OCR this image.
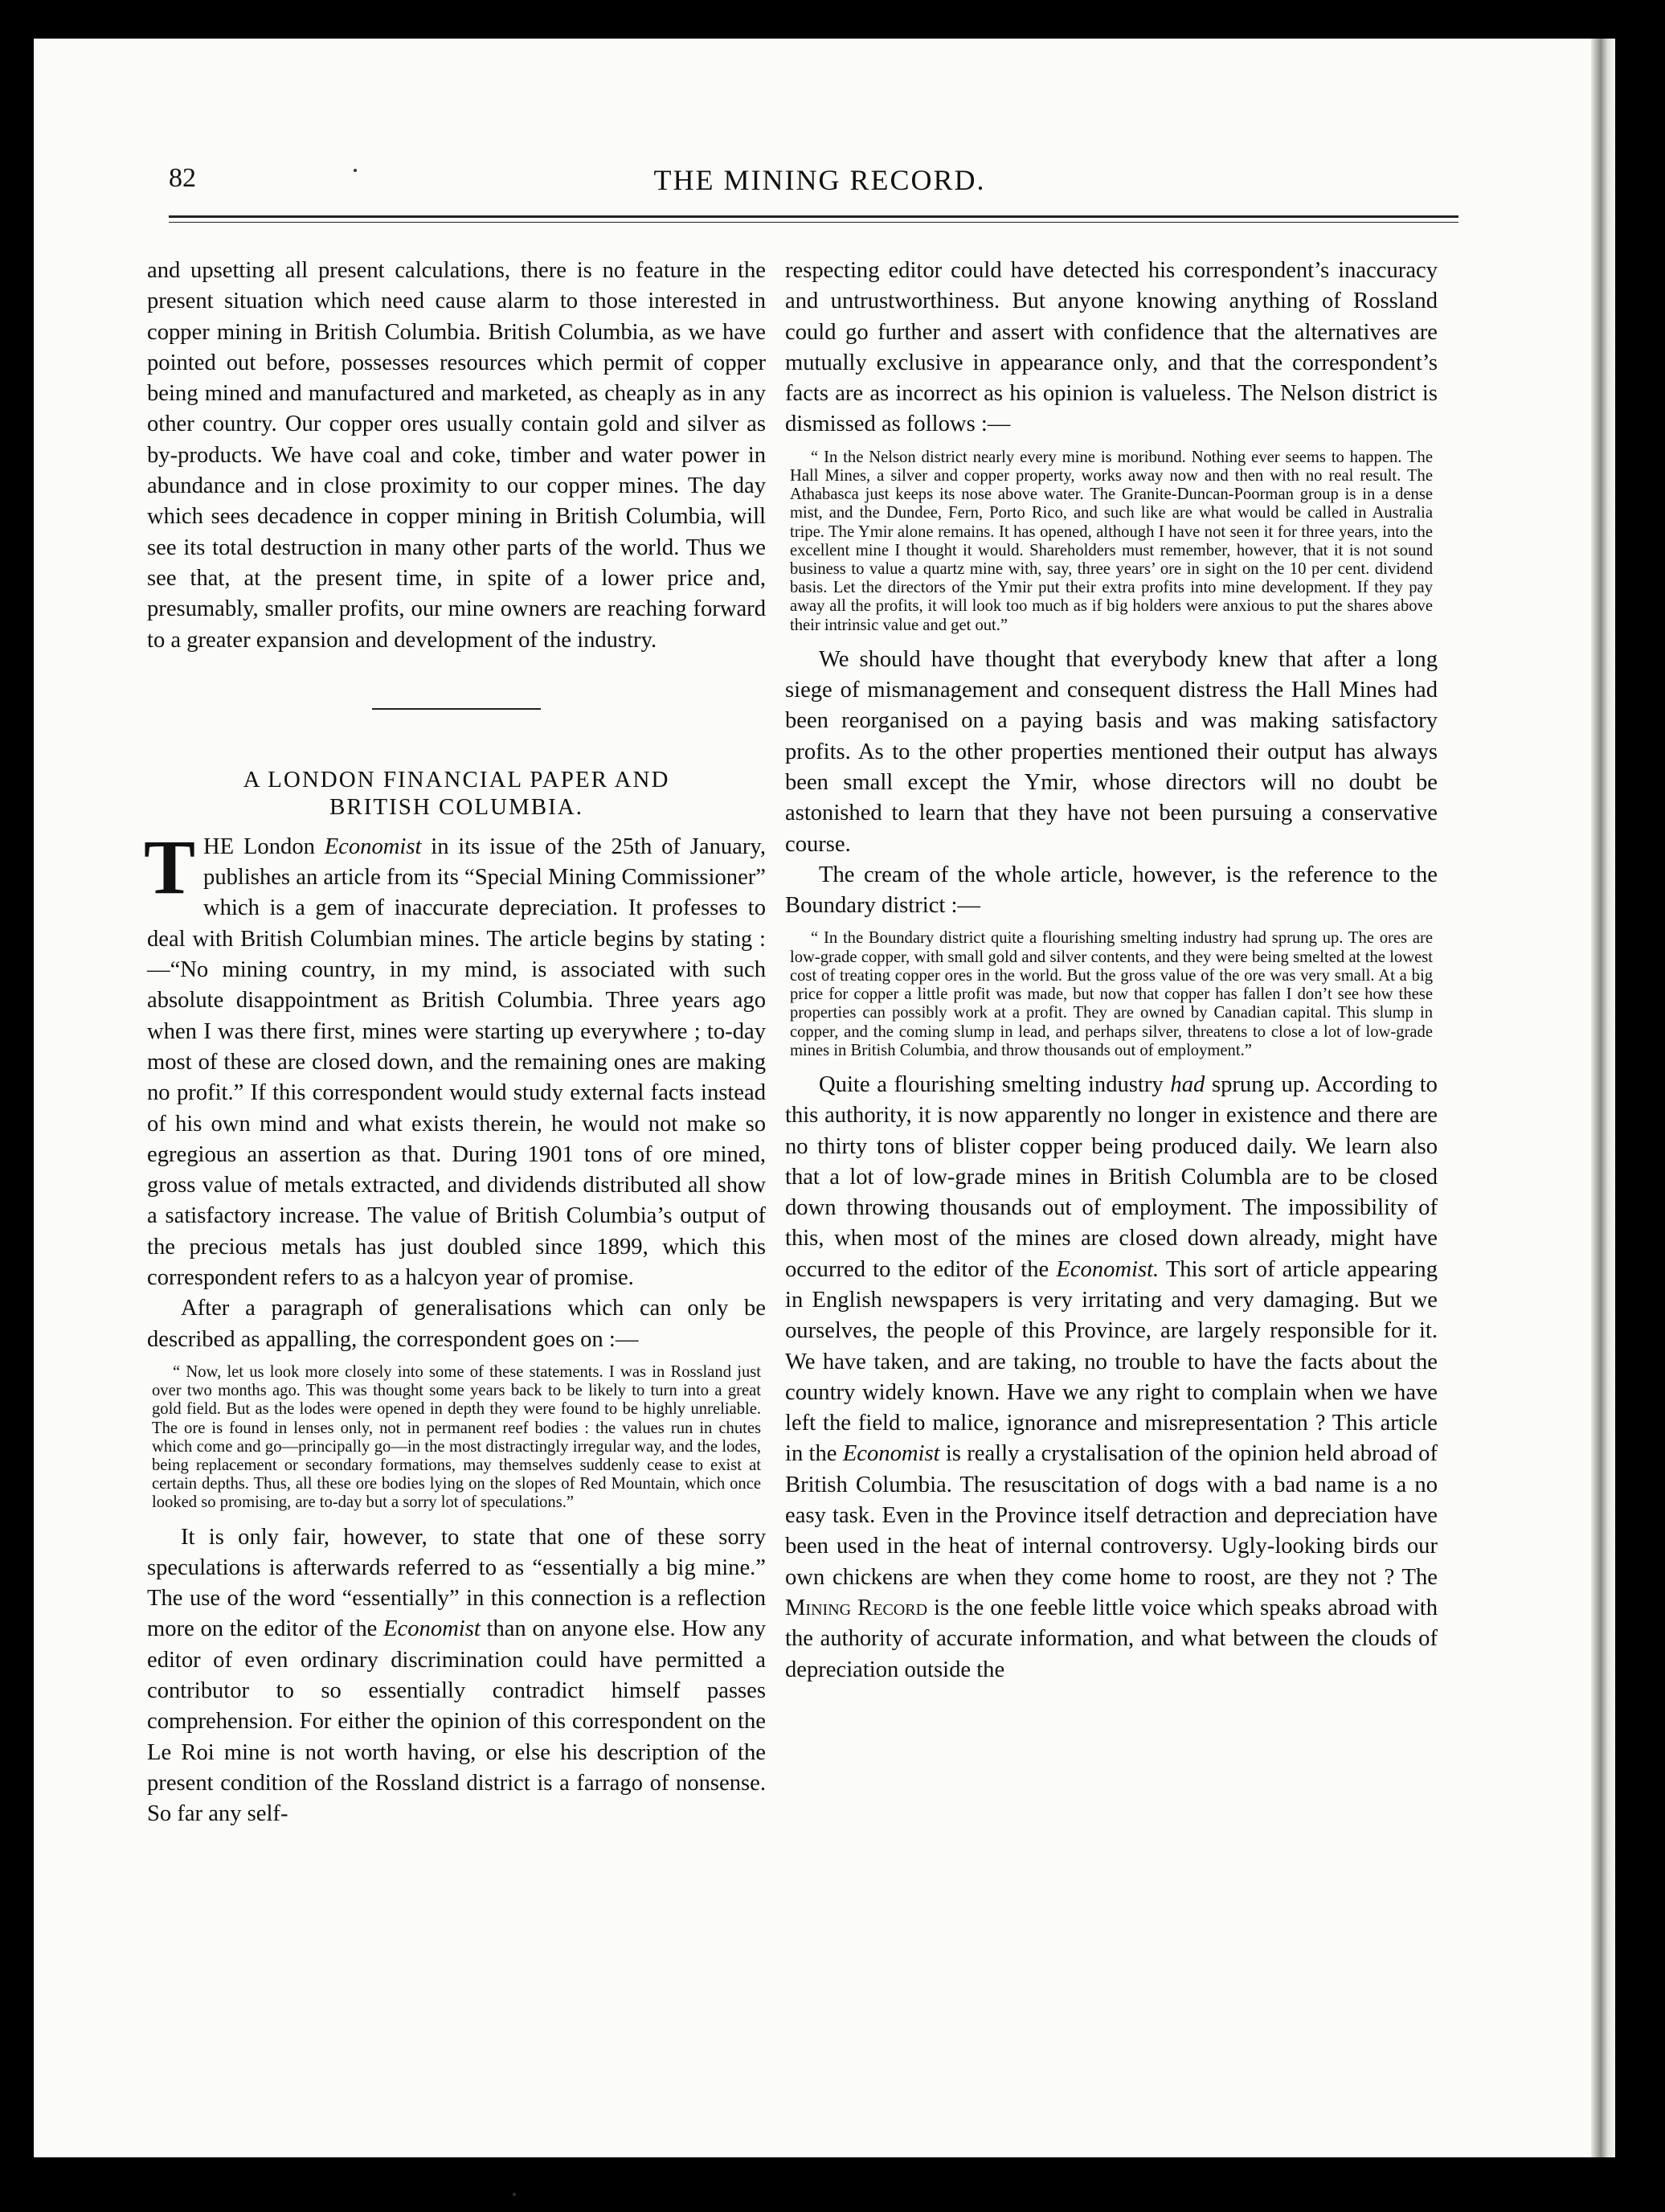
82	THE MINING RECORD.

and upsetting all present calculations, there is no feature in the present situation which need cause alarm to those interested in copper mining in British Columbia. British Columbia, as we have pointed out before, possesses resources which permit of copper being mined and manufactured and marketed, as cheaply as in any other country. Our copper ores usually contain gold and silver as by-products. We have coal and coke, timber and water power in abundance and in close proximity to our copper mines. The day which sees decadence in copper mining in British Columbia, will see its total destruction in many other parts of the world. Thus we see that, at the present time, in spite of a lower price and, presumably, smaller profits, our mine owners are reaching forward to a greater expansion and development of the industry.

A LONDON FINANCIAL PAPER AND
BRITISH COLUMBIA.

THE London Economist in its issue of the 25th of January, publishes an article from its “Special Mining Commissioner” which is a gem of inaccurate depreciation. It professes to deal with British Columbian mines. The article begins by stating :—“No mining country, in my mind, is associated with such absolute disappointment as British Columbia. Three years ago when I was there first, mines were starting up everywhere ; to-day most of these are closed down, and the remaining ones are making no profit.” If this correspondent would study external facts instead of his own mind and what exists therein, he would not make so egregious an assertion as that. During 1901 tons of ore mined, gross value of metals extracted, and dividends distributed all show a satisfactory increase. The value of British Columbia’s output of the precious metals has just doubled since 1899, which this correspondent refers to as a halcyon year of promise.

After a paragraph of generalisations which can only be described as appalling, the correspondent goes on :—

“ Now, let us look more closely into some of these statements. I was in Rossland just over two months ago. This was thought some years back to be likely to turn into a great gold field. But as the lodes were opened in depth they were found to be highly unreliable. The ore is found in lenses only, not in permanent reef bodies : the values run in chutes which come and go—principally go—in the most distractingly irregular way, and the lodes, being replacement or secondary formations, may themselves suddenly cease to exist at certain depths. Thus, all these ore bodies lying on the slopes of Red Mountain, which once looked so promising, are to-day but a sorry lot of speculations.”

It is only fair, however, to state that one of these sorry speculations is afterwards referred to as “essentially a big mine.” The use of the word “essentially” in this connection is a reflection more on the editor of the Economist than on anyone else. How any editor of even ordinary discrimination could have permitted a contributor to so essentially contradict himself passes comprehension. For either the opinion of this correspondent on the Le Roi mine is not worth having, or else his description of the present condition of the Rossland district is a farrago of nonsense. So far any self-

respecting editor could have detected his correspondent’s inaccuracy and untrustworthiness. But anyone knowing anything of Rossland could go further and assert with confidence that the alternatives are mutually exclusive in appearance only, and that the correspondent’s facts are as incorrect as his opinion is valueless. The Nelson district is dismissed as follows :—

“ In the Nelson district nearly every mine is moribund. Nothing ever seems to happen. The Hall Mines, a silver and copper property, works away now and then with no real result. The Athabasca just keeps its nose above water. The Granite-Duncan-Poorman group is in a dense mist, and the Dundee, Fern, Porto Rico, and such like are what would be called in Australia tripe. The Ymir alone remains. It has opened, although I have not seen it for three years, into the excellent mine I thought it would. Shareholders must remember, however, that it is not sound business to value a quartz mine with, say, three years’ ore in sight on the 10 per cent. dividend basis. Let the directors of the Ymir put their extra profits into mine development. If they pay away all the profits, it will look too much as if big holders were anxious to put the shares above their intrinsic value and get out.”

We should have thought that everybody knew that after a long siege of mismanagement and consequent distress the Hall Mines had been reorganised on a paying basis and was making satisfactory profits. As to the other properties mentioned their output has always been small except the Ymir, whose directors will no doubt be astonished to learn that they have not been pursuing a conservative course.

The cream of the whole article, however, is the reference to the Boundary district :—

“ In the Boundary district quite a flourishing smelting industry had sprung up. The ores are low-grade copper, with small gold and silver contents, and they were being smelted at the lowest cost of treating copper ores in the world. But the gross value of the ore was very small. At a big price for copper a little profit was made, but now that copper has fallen I don’t see how these properties can possibly work at a profit. They are owned by Canadian capital. This slump in copper, and the coming slump in lead, and perhaps silver, threatens to close a lot of low-grade mines in British Columbia, and throw thousands out of employment.”

Quite a flourishing smelting industry had sprung up. According to this authority, it is now apparently no longer in existence and there are no thirty tons of blister copper being produced daily. We learn also that a lot of low-grade mines in British Columbla are to be closed down throwing thousands out of employment. The impossibility of this, when most of the mines are closed down already, might have occurred to the editor of the Economist. This sort of article appearing in English newspapers is very irritating and very damaging. But we ourselves, the people of this Province, are largely responsible for it. We have taken, and are taking, no trouble to have the facts about the country widely known. Have we any right to complain when we have left the field to malice, ignorance and misrepresentation ? This article in the Economist is really a crystalisation of the opinion held abroad of British Columbia. The resuscitation of dogs with a bad name is a no easy task. Even in the Province itself detraction and depreciation have been used in the heat of internal controversy. Ugly-looking birds our own chickens are when they come home to roost, are they not ? The Mining Record is the one feeble little voice which speaks abroad with the authority of accurate information, and what between the clouds of depreciation outside the
